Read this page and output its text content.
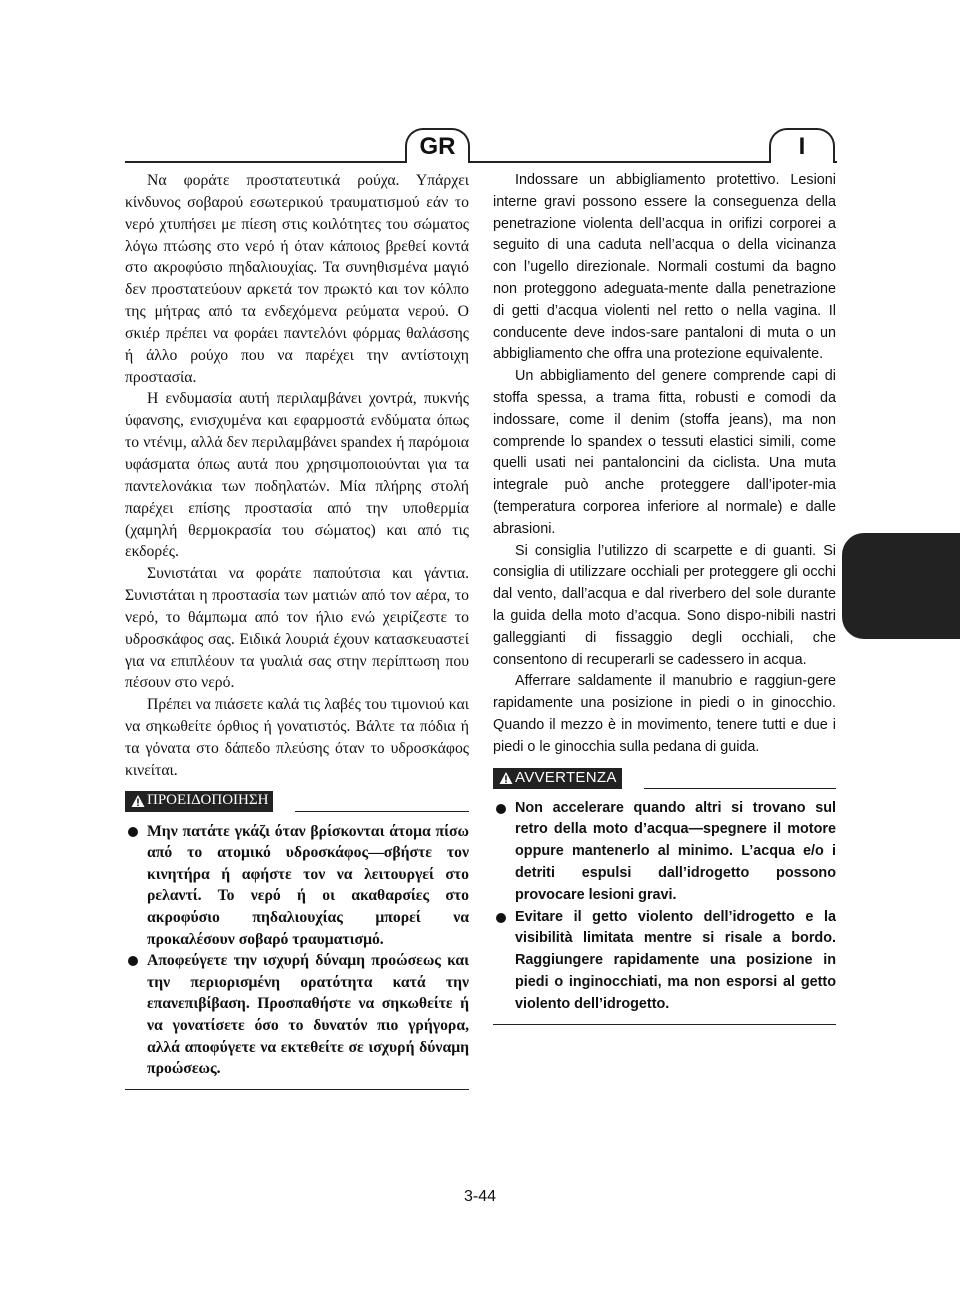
GR	I

Να φοράτε προστατευτικά ρούχα. Υπάρχει κίνδυνος σοβαρού εσωτερικού τραυματισμού εάν το νερό χτυπήσει με πίεση στις κοιλότητες του σώματος λόγω πτώσης στο νερό ή όταν κάποιος βρεθεί κοντά στο ακροφύσιο πηδαλιουχίας. Τα συνηθισμένα μαγιό δεν προστατεύουν αρκετά τον πρωκτό και τον κόλπο της μήτρας από τα ενδεχόμενα ρεύματα νερού. Ο σκιέρ πρέπει να φοράει παντελόνι φόρμας θαλάσσης ή άλλο ρούχο που να παρέχει την αντίστοιχη προστασία.

Η ενδυμασία αυτή περιλαμβάνει χοντρά, πυκνής ύφανσης, ενισχυμένα και εφαρμοστά ενδύματα όπως το ντένιμ, αλλά δεν περιλαμβάνει spandex ή παρόμοια υφάσματα όπως αυτά που χρησιμοποιούνται για τα παντελονάκια των ποδηλατών. Μία πλήρης στολή παρέχει επίσης προστασία από την υποθερμία (χαμηλή θερμοκρασία του σώματος) και από τις εκδορές.

Συνιστάται να φοράτε παπούτσια και γάντια. Συνιστάται η προστασία των ματιών από τον αέρα, το νερό, το θάμπωμα από τον ήλιο ενώ χειρίζεστε το υδροσκάφος σας. Ειδικά λουριά έχουν κατασκευαστεί για να επιπλέουν τα γυαλιά σας στην περίπτωση που πέσουν στο νερό.

Πρέπει να πιάσετε καλά τις λαβές του τιμονιού και να σηκωθείτε όρθιος ή γονατιστός. Βάλτε τα πόδια ή τα γόνατα στο δάπεδο πλεύσης όταν το υδροσκάφος κινείται.

ΠΡΟΕΙΔΟΠΟΙΗΣΗ
Μην πατάτε γκάζι όταν βρίσκονται άτομα πίσω από το ατομικό υδροσκάφος—σβήστε τον κινητήρα ή αφήστε τον να λειτουργεί στο ρελαντί. Το νερό ή οι ακαθαρσίες στο ακροφύσιο πηδαλιουχίας μπορεί να προκαλέσουν σοβαρό τραυματισμό.
Αποφεύγετε την ισχυρή δύναμη προώσεως και την περιορισμένη ορατότητα κατά την επανεπιβίβαση. Προσπαθήστε να σηκωθείτε ή να γονατίσετε όσο το δυνατόν πιο γρήγορα, αλλά αποφύγετε να εκτεθείτε σε ισχυρή δύναμη προώσεως.

Indossare un abbigliamento protettivo. Lesioni interne gravi possono essere la conseguenza della penetrazione violenta dell’acqua in orifizi corporei a seguito di una caduta nell’acqua o della vicinanza con l’ugello direzionale. Normali costumi da bagno non proteggono adeguata-mente dalla penetrazione di getti d’acqua violenti nel retto o nella vagina. Il conducente deve indos-sare pantaloni di muta o un abbigliamento che offra una protezione equivalente.

Un abbigliamento del genere comprende capi di stoffa spessa, a trama fitta, robusti e comodi da indossare, come il denim (stoffa jeans), ma non comprende lo spandex o tessuti elastici simili, come quelli usati nei pantaloncini da ciclista. Una muta integrale può anche proteggere dall’ipoter-mia (temperatura corporea inferiore al normale) e dalle abrasioni.

Si consiglia l’utilizzo di scarpette e di guanti. Si consiglia di utilizzare occhiali per proteggere gli occhi dal vento, dall’acqua e dal riverbero del sole durante la guida della moto d’acqua. Sono dispo-nibili nastri galleggianti di fissaggio degli occhiali, che consentono di recuperarli se cadessero in acqua.

Afferrare saldamente il manubrio e raggiun-gere rapidamente una posizione in piedi o in ginocchio. Quando il mezzo è in movimento, tenere tutti e due i piedi o le ginocchia sulla pedana di guida.

AVVERTENZA
Non accelerare quando altri si trovano sul retro della moto d’acqua—spegnere il motore oppure mantenerlo al minimo. L’acqua e/o i detriti espulsi dall’idrogetto possono provocare lesioni gravi.
Evitare il getto violento dell’idrogetto e la visibilità limitata mentre si risale a bordo. Raggiungere rapidamente una posizione in piedi o inginocchiati, ma non esporsi al getto violento dell’idrogetto.
3-44
